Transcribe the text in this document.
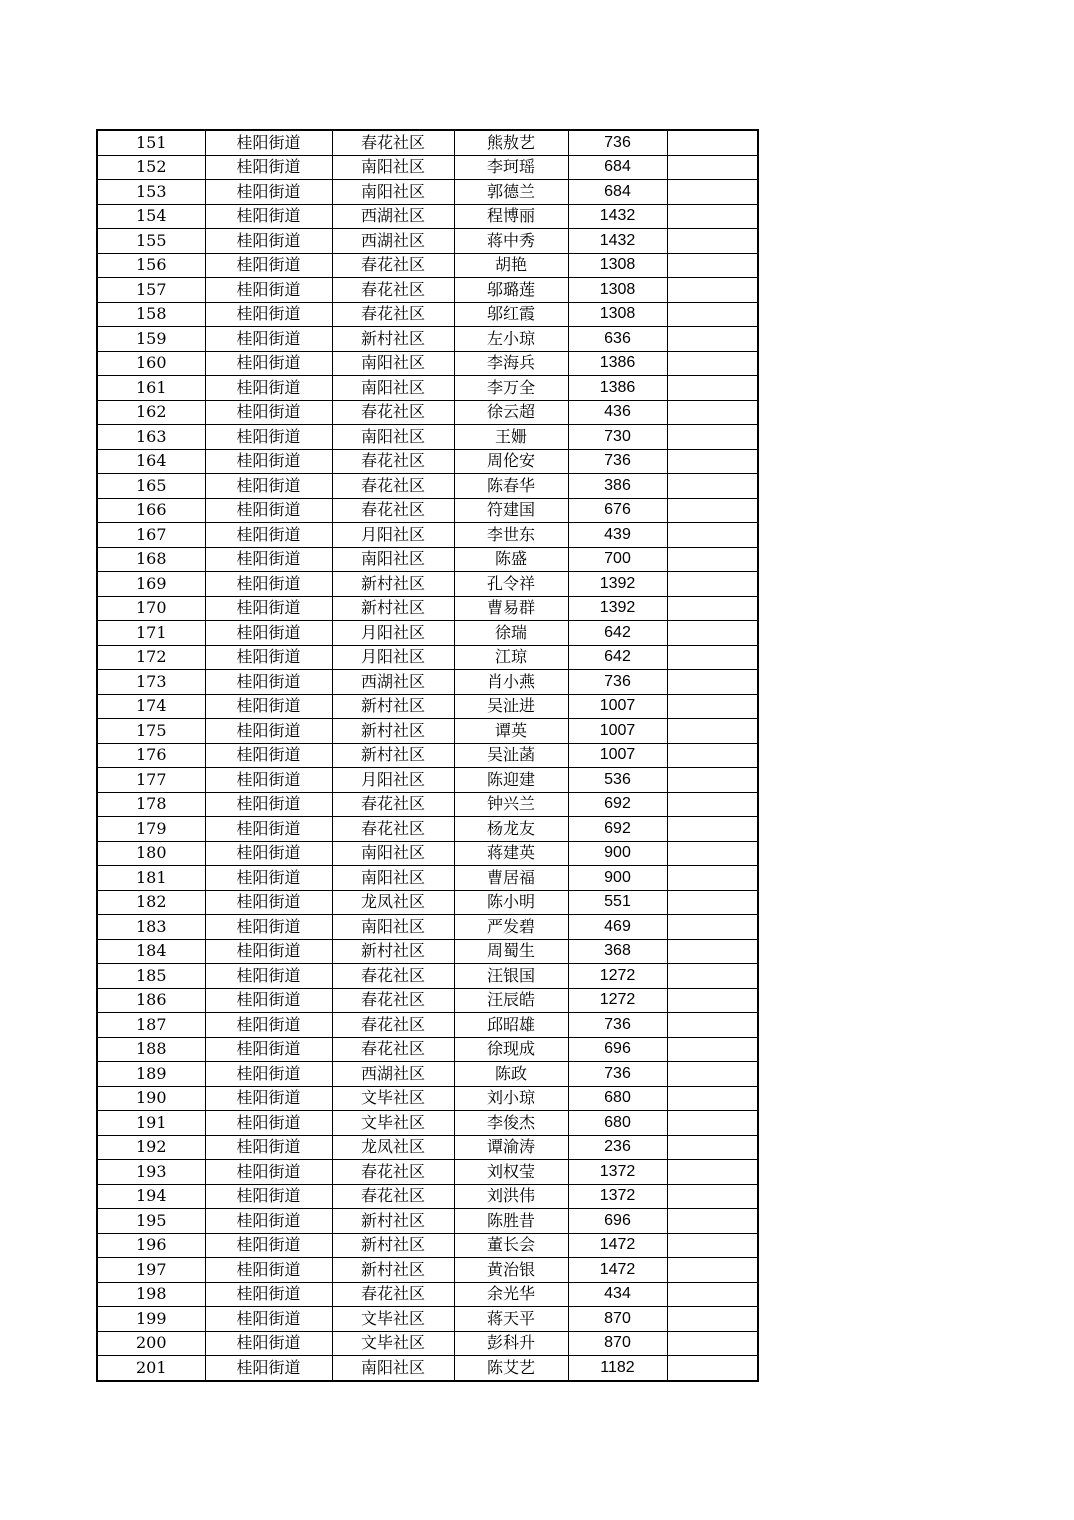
151	桂阳街道	春花社区	熊敖艺	736	
152	桂阳街道	南阳社区	李珂瑶	684	
153	桂阳街道	南阳社区	郭德兰	684	
154	桂阳街道	西湖社区	程博丽	1432	
155	桂阳街道	西湖社区	蒋中秀	1432	
156	桂阳街道	春花社区	胡艳	1308	
157	桂阳街道	春花社区	邬璐莲	1308	
158	桂阳街道	春花社区	邬红霞	1308	
159	桂阳街道	新村社区	左小琼	636	
160	桂阳街道	南阳社区	李海兵	1386	
161	桂阳街道	南阳社区	李万全	1386	
162	桂阳街道	春花社区	徐云超	436	
163	桂阳街道	南阳社区	王姗	730	
164	桂阳街道	春花社区	周伦安	736	
165	桂阳街道	春花社区	陈春华	386	
166	桂阳街道	春花社区	符建国	676	
167	桂阳街道	月阳社区	李世东	439	
168	桂阳街道	南阳社区	陈盛	700	
169	桂阳街道	新村社区	孔令祥	1392	
170	桂阳街道	新村社区	曹易群	1392	
171	桂阳街道	月阳社区	徐瑞	642	
172	桂阳街道	月阳社区	江琼	642	
173	桂阳街道	西湖社区	肖小燕	736	
174	桂阳街道	新村社区	吴沚进	1007	
175	桂阳街道	新村社区	谭英	1007	
176	桂阳街道	新村社区	吴沚菡	1007	
177	桂阳街道	月阳社区	陈迎建	536	
178	桂阳街道	春花社区	钟兴兰	692	
179	桂阳街道	春花社区	杨龙友	692	
180	桂阳街道	南阳社区	蒋建英	900	
181	桂阳街道	南阳社区	曹居福	900	
182	桂阳街道	龙凤社区	陈小明	551	
183	桂阳街道	南阳社区	严发碧	469	
184	桂阳街道	新村社区	周蜀生	368	
185	桂阳街道	春花社区	汪银国	1272	
186	桂阳街道	春花社区	汪辰皓	1272	
187	桂阳街道	春花社区	邱昭雄	736	
188	桂阳街道	春花社区	徐现成	696	
189	桂阳街道	西湖社区	陈政	736	
190	桂阳街道	文毕社区	刘小琼	680	
191	桂阳街道	文毕社区	李俊杰	680	
192	桂阳街道	龙凤社区	谭渝涛	236	
193	桂阳街道	春花社区	刘权莹	1372	
194	桂阳街道	春花社区	刘洪伟	1372	
195	桂阳街道	新村社区	陈胜昔	696	
196	桂阳街道	新村社区	董长会	1472	
197	桂阳街道	新村社区	黄治银	1472	
198	桂阳街道	春花社区	余光华	434	
199	桂阳街道	文毕社区	蒋天平	870	
200	桂阳街道	文毕社区	彭科升	870	
201	桂阳街道	南阳社区	陈艾艺	1182	
